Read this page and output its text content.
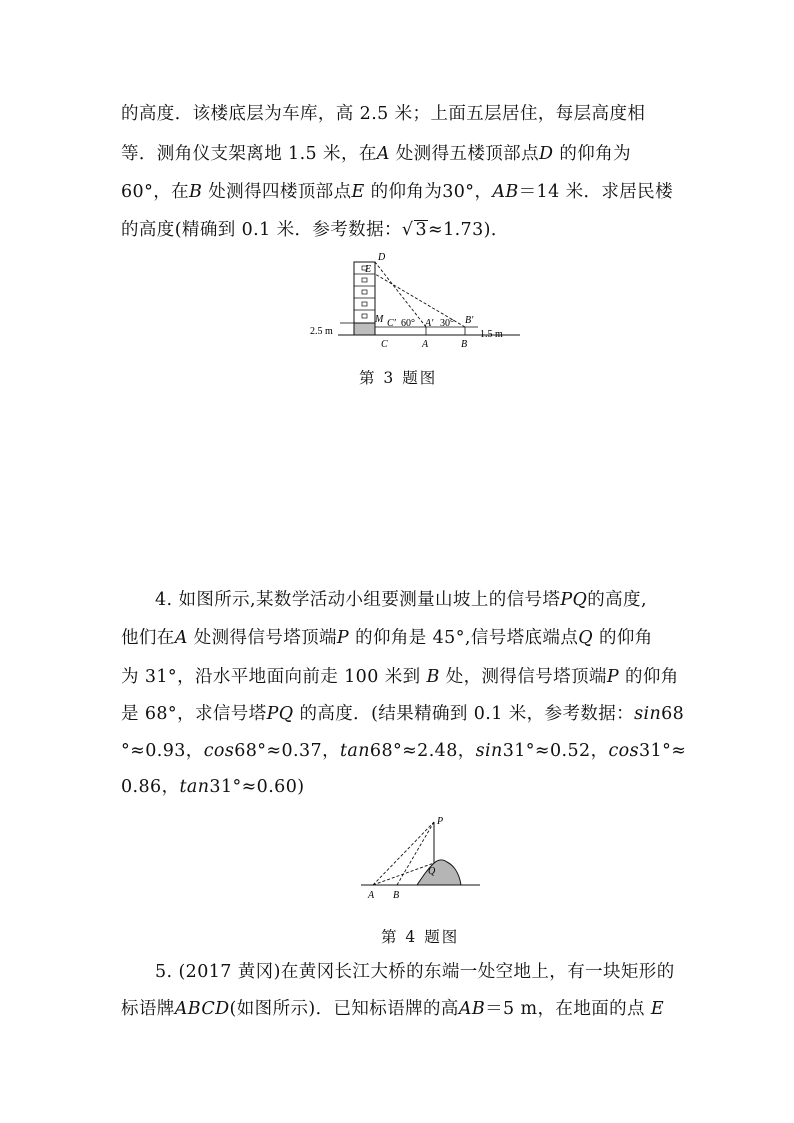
的高度．该楼底层为车库，高 2.5 米；上面五层居住，每层高度相
等．测角仪支架离地 1.5 米，在A 处测得五楼顶部点D 的仰角为
60°，在B 处测得四楼顶部点E 的仰角为30°，AB＝14 米．求居民楼
的高度(精确到 0.1 米．参考数据：√ 3≈1.73)．
D
E
M C′ 60° A′ 30° B′
2.5 m	1.5 m
C	A	B
第 3 题图
4. 如图所示,某数学活动小组要测量山坡上的信号塔PQ的高度,
他们在A 处测得信号塔顶端P 的仰角是 45°,信号塔底端点Q 的仰角
为 31°，沿水平地面向前走 100 米到 B 处，测得信号塔顶端P 的仰角
是 68°，求信号塔PQ 的高度．(结果精确到 0.1 米，参考数据：sin68
°≈0.93，cos68°≈0.37，tan68°≈2.48，sin31°≈0.52，cos31°≈
0.86，tan31°≈0.60)
P
Q
A B
第 4 题图
5. (2017 黄冈)在黄冈长江大桥的东端一处空地上，有一块矩形的
标语牌ABCD(如图所示)．已知标语牌的高AB＝5 m，在地面的点 E
